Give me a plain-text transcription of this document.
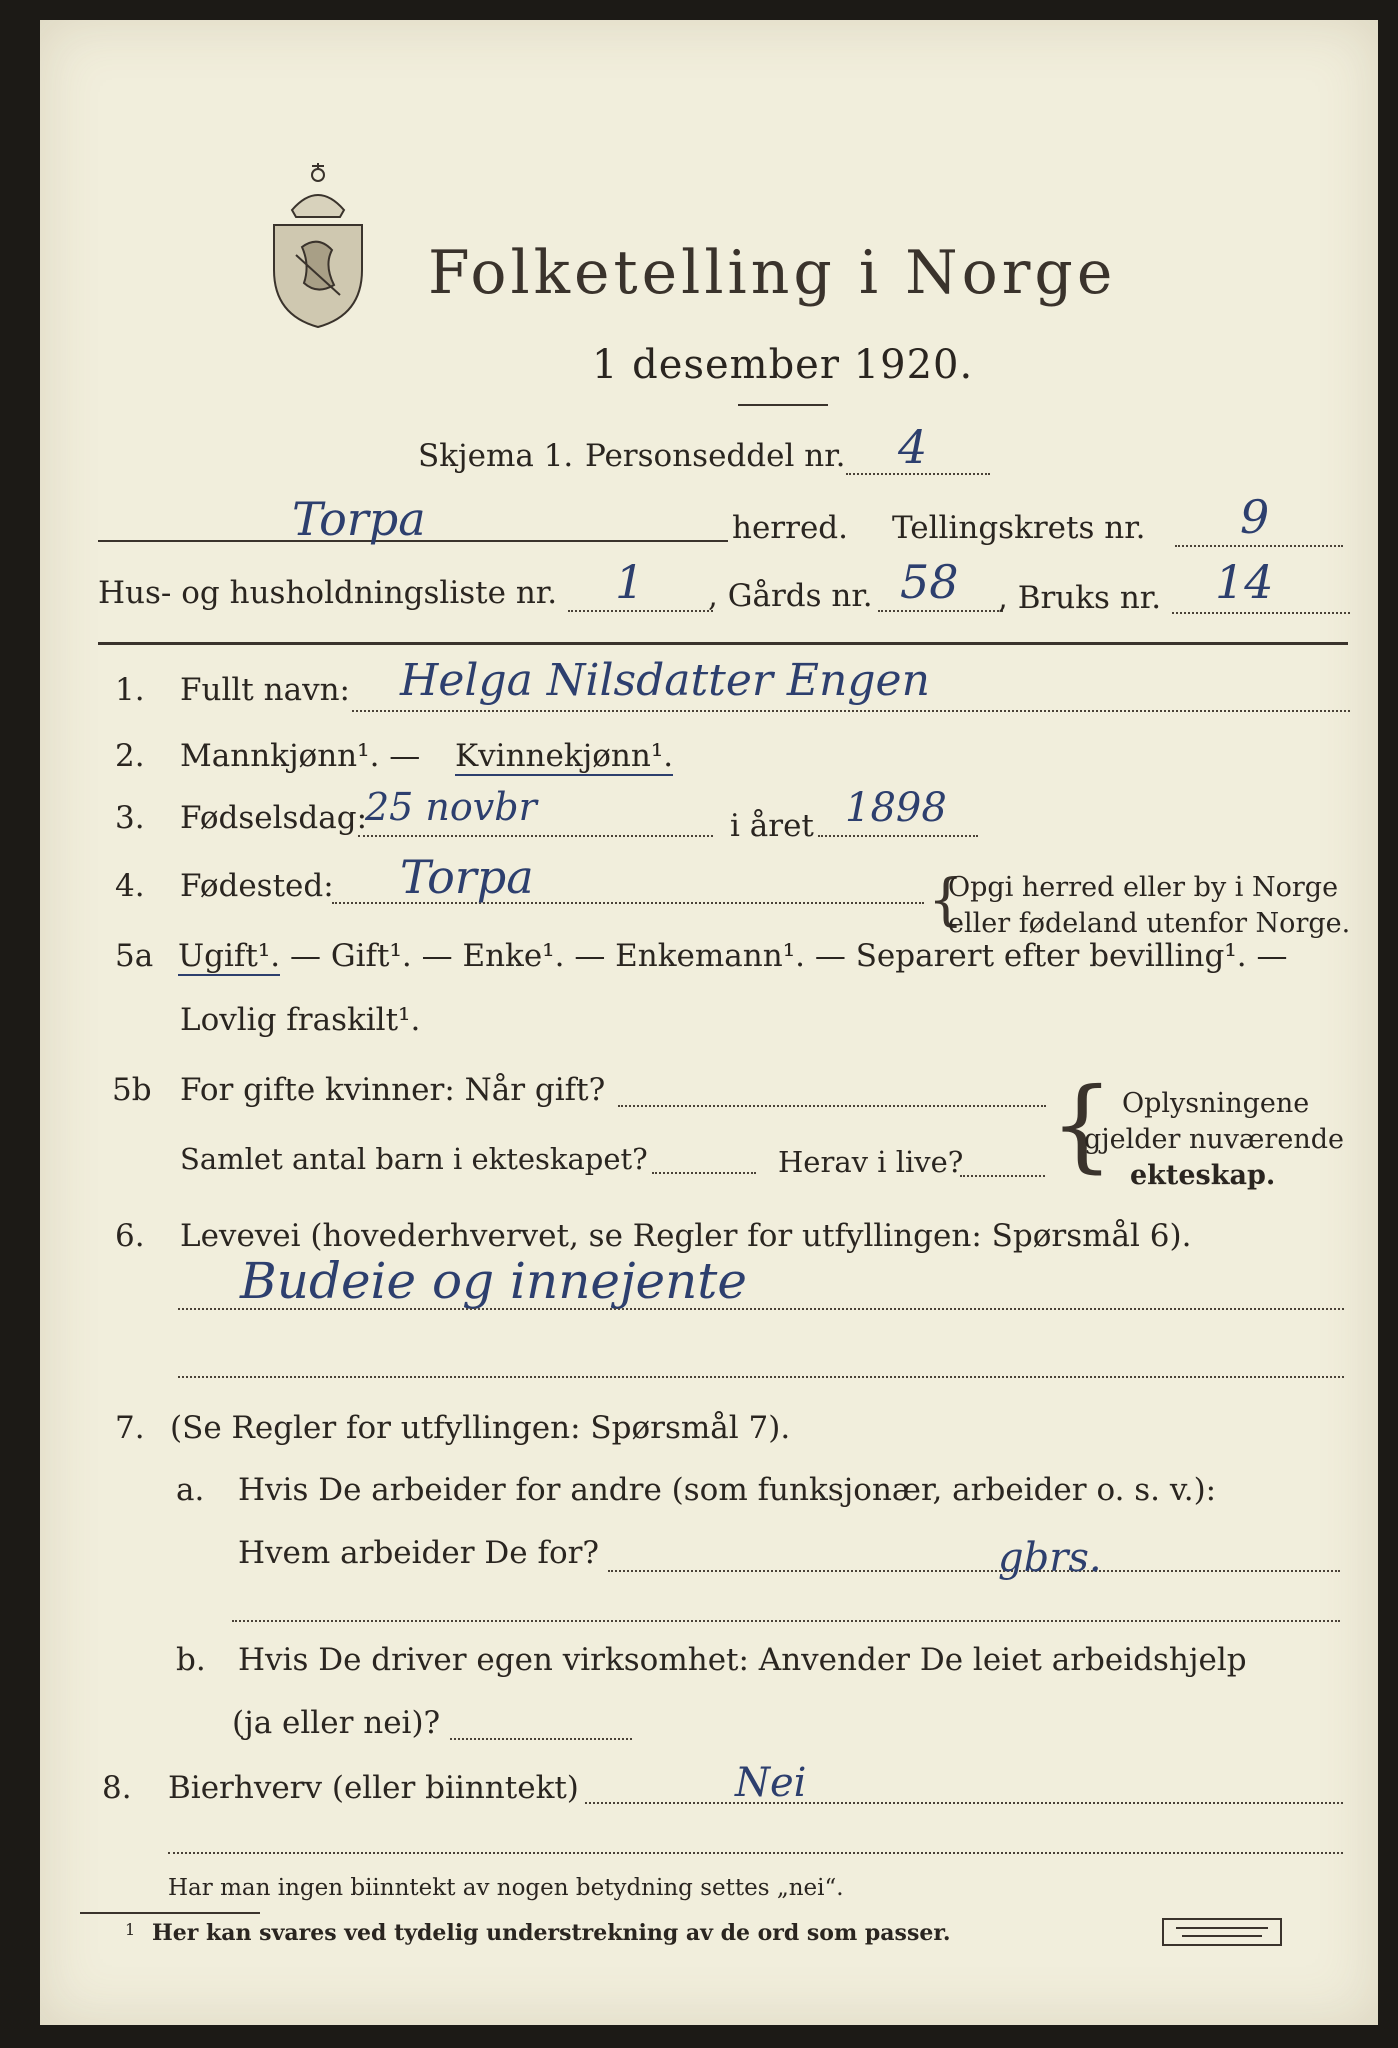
Folketelling i Norge
1 desember 1920.
Skjema 1. Personseddel nr. 4
Torpa	herred. Tellingskrets nr. 9
Hus- og husholdningsliste nr. 1 , Gårds nr. 58 , Bruks nr. 14
1. Fullt navn: Helga Nilsdatter Engen
2. Mannkjønn¹. — Kvinnekjønn¹.
3. Fødselsdag:
25 novbr	i året 1898
4. Fødested: Torpa	{
Opgi herred eller by i Norge
eller fødeland utenfor Norge.
5a Ugift¹. — Gift¹. — Enke¹. — Enkemann¹. — Separert efter bevilling¹. —
Lovlig fraskilt¹.
5b For gifte kvinner: Når gift?
Samlet antal barn i ekteskapet?	Herav i live? { Oplysningene
gjelder nuværende
ekteskap.
6. Levevei (hovederhvervet, se Regler for utfyllingen: Spørsmål 6).
Budeie og innejente
7. (Se Regler for utfyllingen: Spørsmål 7).
a. Hvis De arbeider for andre (som funksjonær, arbeider o. s. v.):
Hvem arbeider De for?	gbrs.
b. Hvis De driver egen virksomhet: Anvender De leiet arbeidshjelp
(ja eller nei)?
8. Bierhverv (eller biinntekt)	Nei
Har man ingen biinntekt av nogen betydning settes „nei“.
1 Her kan svares ved tydelig understrekning av de ord som passer.
